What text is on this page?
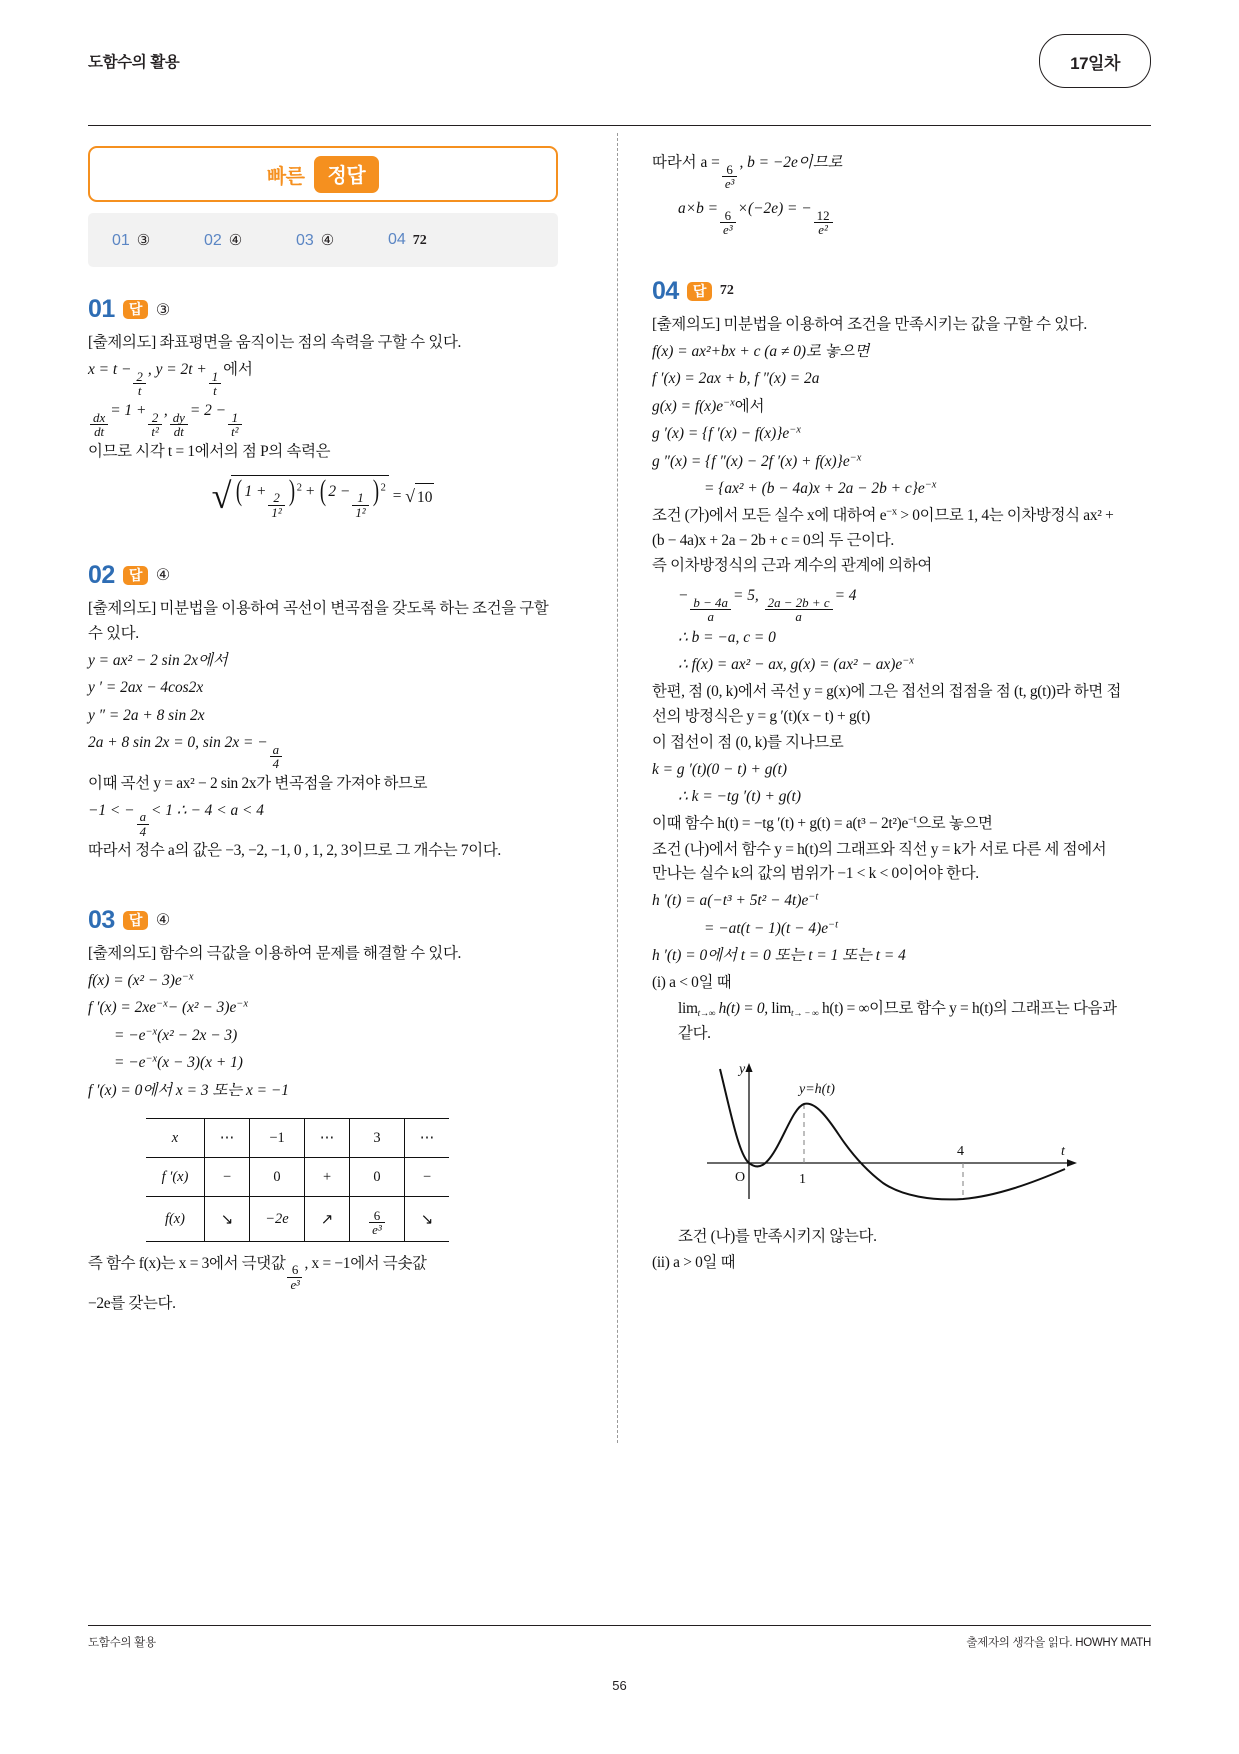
도함수의 활용	17일차
빠른	정답
01 ③	02 ④	03 ④	04 72
01	답 ③
[출제의도] 좌표평면을 움직이는 점의 속력을 구할 수 있다.
x = t −
$\frac{2}{t}$
, y = 2t +
$\frac{1}{t}$
에서
$\frac{dx}{dt}$
= 1 +
$\frac{2}{\text{t²}}$
,
$\frac{dy}{dt}$
= 2 −
$\frac{1}{\text{t²}}$
이므로 시각 t = 1에서의 점 P의 속력은
√ ( 1 +
$\frac{2}{\text{1²}}$ ) $^2$ + ( 2 −
$\frac{1}{\text{1²}}$ ) $^2$ = √ 10
02	답 ④
[출제의도] 미분법을 이용하여 곡선이 변곡점을 갖도록 하는 조건을 구할 수 있다.
y = ax² − 2 sin 2x에서
y ′ = 2ax − 4cos2x
y ″ = 2a + 8 sin 2x
2a + 8 sin 2x = 0, sin 2x = −
$\frac{a}{4}$
이때 곡선 y = ax² − 2 sin 2x가 변곡점을 가져야 하므로
−1 < −
$\frac{a}{4}$
< 1 ∴ − 4 < a < 4
따라서 정수 a의 값은 −3, −2, −1, 0 , 1, 2, 3이므로 그 개수는 7이다.
03	답 ④
[출제의도] 함수의 극값을 이용하여 문제를 해결할 수 있다.
$f(x) = (x^2 - 3)e^{-x}$
f $'(x) = 2xe^{-x}- (x^2 - 3)e^{-x}$
= $-e^{-x}(x^2 - 2x - 3)$
= $-e^{-x}(x - 3)(x + 1)$
f ′(x) = 0에서 x = 3 또는 x = −1
x	⋯	−1	⋯	3	⋯
f ′(x)	−	0	+	0	−
f(x)	↘	−2e	↗	$\frac{6}{\text{e³}}$	↘
즉 함수 f(x)는 x = 3에서 극댓값
$\frac{6}{\text{e³}}$
, x = −1에서 극솟값
−2e를 갖는다.
따라서 a =
$\frac{6}{\text{e³}}$
, b = −2e이므로
a×b =
$\frac{6}{\text{e³}}$
×(−2e) = −
$\frac{12}{\text{e²}}$
04	답	72
[출제의도] 미분법을 이용하여 조건을 만족시키는 값을 구할 수 있다.
f(x) = ax²+bx + c (a ≠ 0)로 놓으면
f ′(x) = 2ax + b, f ″(x) = 2a
$g(x) = f(x)e^{-x}$에서
g ′(x) = {f $'(x) - f(x)\}e^{-x}$
g ″(x) = {f ″(x) − 2f $'(x) + f(x)\}e^{-x}$
= $\{ax^2 + (b - 4a)x + 2a - 2b + c\}e^{-x}$
조건 (가)에서 모든 실수 x에 대하여 $e^{-x} > 0$이므로 1, 4는 이차방정식 ax² + (b − 4a)x + 2a − 2b + c = 0의 두 근이다.
즉 이차방정식의 근과 계수의 관계에 의하여
−
$\frac{b - 4a}{a}$
= 5,
$\frac{2a - 2b + c}{a}$
= 4
∴ b = −a, c = 0
∴ f(x) = ax² − ax, $g(x) = (ax^2 - ax)e^{-x}$
한편, 점 (0, k)에서 곡선 y = g(x)에 그은 접선의 접점을 점 (t, g(t))라 하면 접선의 방정식은 y = g ′(t)(x − t) + g(t)
이 접선이 점 (0, k)를 지나므로
k = g ′(t)(0 − t) + g(t)
∴ k = −tg ′(t) + g(t)
이때 함수 h(t) = −tg $'(t) + g(t) = a(t^3 - 2t^2)e^{-t}$으로 놓으면
조건 (나)에서 함수 y = h(t)의 그래프와 직선 y = k가 서로 다른 세 점에서 만나는 실수 k의 값의 범위가 −1 < k < 0이어야 한다.
h $'(t) = a(-t^3 + 5t^2 - 4t)e^{-t}$
= $-at(t - 1)(t - 4)e^{-t}$
h ′(t) = 0에서 t = 0 또는 t = 1 또는 t = 4
(i) a < 0일 때
$\lim_{t\to\infty} h(t) = 0$, $\lim_{t\to - \infty} h(t)$ = ∞이므로 함수 y = h(t)의 그래프는 다음과 같다.
y
t
O	1
4
y=h(t)
조건 (나)를 만족시키지 않는다.
(ii) a > 0일 때
도함수의 활용	출제자의 생각을 읽다. HOWHY MATH
56
